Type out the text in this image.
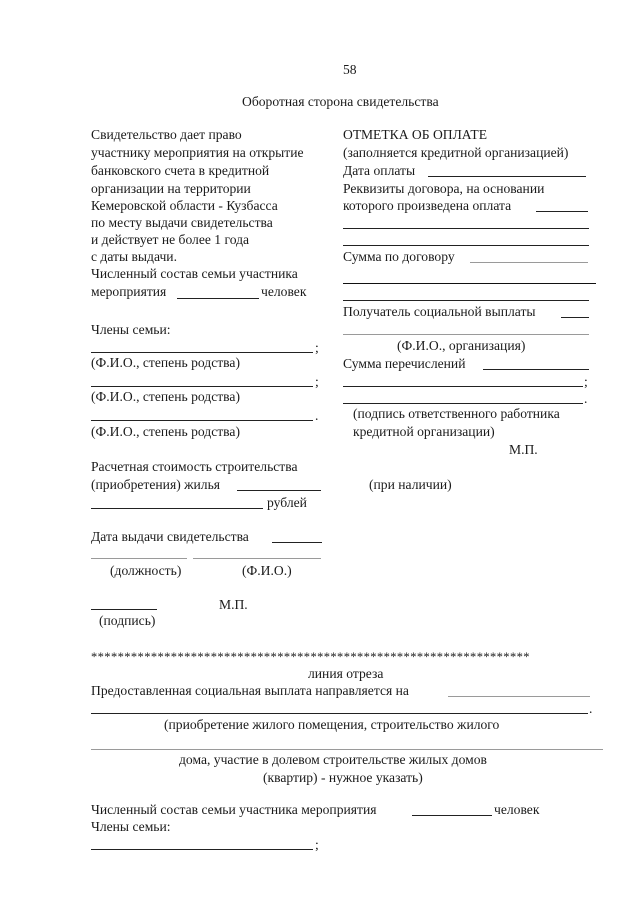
58
Оборотная сторона свидетельства
Свидетельство дает право
участнику мероприятия на открытие
банковского счета в кредитной
организации на территории
Кемеровской области - Кузбасса
по месту выдачи свидетельства
и действует не более 1 года
с даты выдачи.
Численный состав семьи участника
мероприятия	человек
Члены семьи:
;
(Ф.И.О., степень родства)
;
(Ф.И.О., степень родства)
.
(Ф.И.О., степень родства)
Расчетная стоимость строительства
(приобретения) жилья
рублей
Дата выдачи свидетельства
(должность)	(Ф.И.О.)
М.П.
(подпись)
ОТМЕТКА ОБ ОПЛАТЕ
(заполняется кредитной организацией)
Дата оплаты
Реквизиты договора, на основании
которого произведена оплата
Сумма по договору
Получатель социальной выплаты
(Ф.И.О., организация)
Сумма перечислений
;
.
(подпись ответственного работника
кредитной организации)
М.П.
(при наличии)
******************************************************************
линия отреза
Предоставленная социальная выплата направляется на
.
(приобретение жилого помещения, строительство жилого
дома, участие в долевом строительстве жилых домов
(квартир) - нужное указать)
Численный состав семьи участника мероприятия	человек
Члены семьи:
;
